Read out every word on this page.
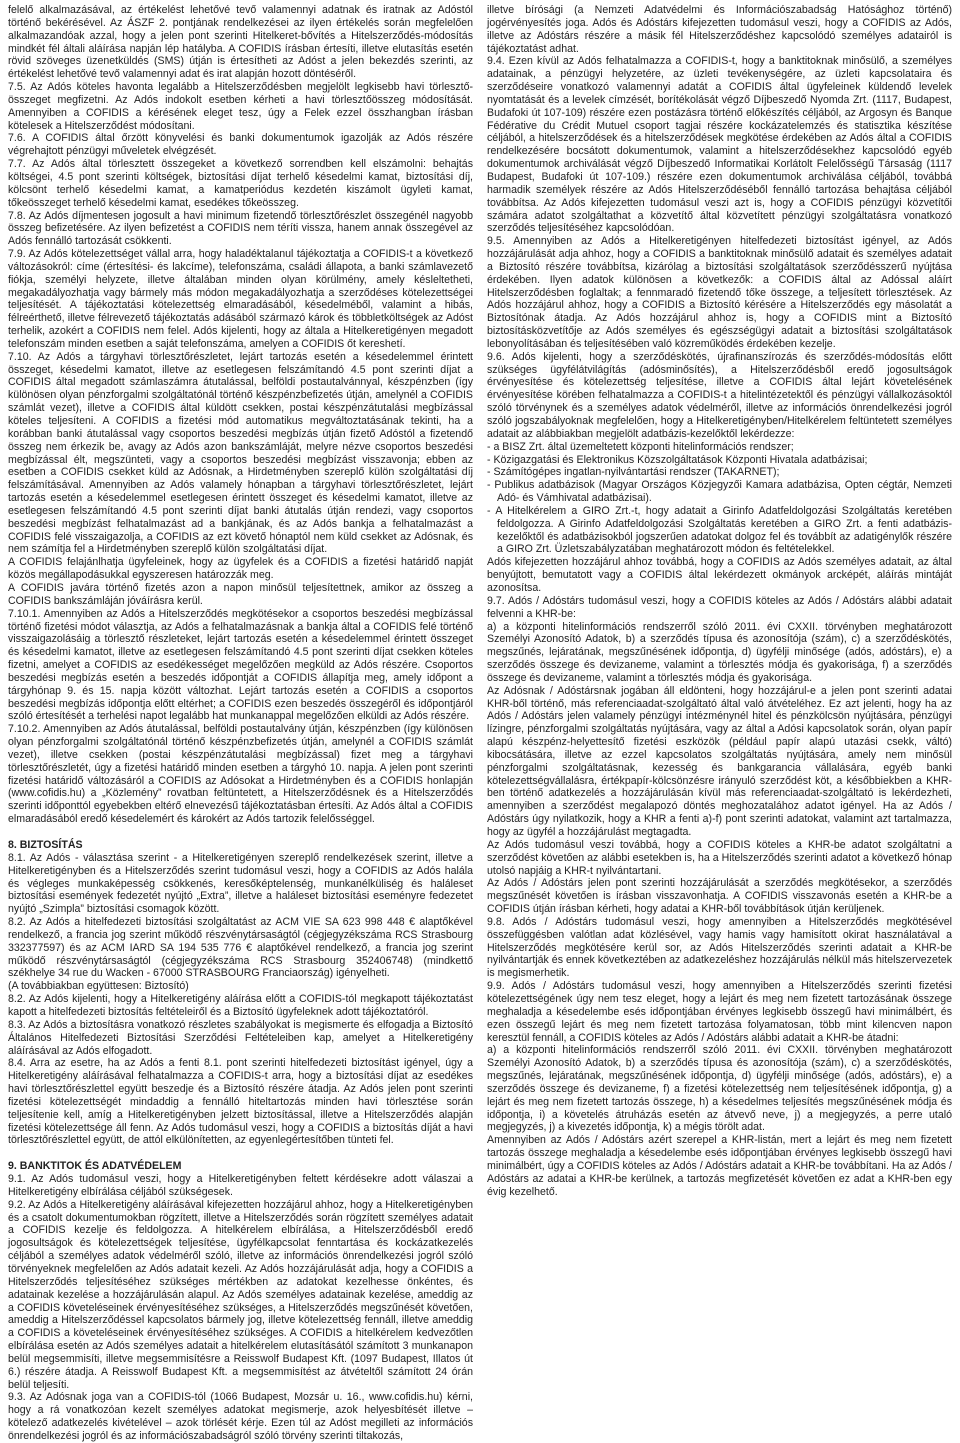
felelő alkalmazásával, az értékelést lehetővé tevő valamennyi adatnak és iratnak az Adóstól történő bekérésével. Az ÁSZF 2. pontjának rendelkezései az ilyen értékelés során megfelelően alkalmazandóak azzal, hogy a jelen pont szerinti Hitelkeret-bővítés a Hitelszerződés-módosítás mindkét fél általi aláírása napján lép hatályba. A COFIDIS írásban értesíti, illetve elutasítás esetén rövid szöveges üzenetküldés (SMS) útján is értesítheti az Adóst a jelen bekezdés szerinti, az értékelést lehetővé tevő valamennyi adat és irat alapján hozott döntéséről.

7.5. Az Adós köteles havonta legalább a Hitelszerződésben megjelölt legkisebb havi törlesztő-összeget megfizetni. Az Adós indokolt esetben kérheti a havi törlesztőösszeg módosítását. Amennyiben a COFIDIS a kérésének eleget tesz, úgy a Felek ezzel összhangban írásban kötelesek a Hitelszerződést módosítani.

7.6. A COFIDIS által őrzött könyvelési és banki dokumentumok igazolják az Adós részére végrehajtott pénzügyi műveletek elvégzését.

7.7. Az Adós által törlesztett összegeket a következő sorrendben kell elszámolni: behajtás költségei, 4.5 pont szerinti költségek, biztosítási díjat terhelő késedelmi kamat, biztosítási díj, kölcsönt terhelő késedelmi kamat, a kamatperiódus kezdetén kiszámolt ügyleti kamat, tőkeösszeget terhelő késedelmi kamat, esedékes tőkeösszeg.

7.8. Az Adós díjmentesen jogosult a havi minimum fizetendő törlesztőrészlet összegénél nagyobb összeg befizetésére. Az ilyen befizetést a COFIDIS nem téríti vissza, hanem annak összegével az Adós fennálló tartozását csökkenti.

7.9. Az Adós kötelezettséget vállal arra, hogy haladéktalanul tájékoztatja a COFIDIS-t a következő változásokról: címe (értesítési- és lakcíme), telefonszáma, családi állapota, a banki számlavezető fiókja, személyi helyzete, illetve általában minden olyan körülmény, amely késleltetheti, megakadályozhatja vagy bármely más módon megakadályozhatja a szerződéses kötelezettségei teljesítését. A tájékoztatási kötelezettség elmaradásából, késedelméből, valamint a hibás, félreérthető, illetve félrevezető tájékoztatás adásából származó károk és többletköltségek az Adóst terhelik, azokért a COFIDIS nem felel. Adós kijelenti, hogy az általa a Hitelkeretigényen megadott telefonszám minden esetben a saját telefonszáma, amelyen a COFIDIS őt kereshetí.

7.10. Az Adós a tárgyhavi törlesztőrészletet, lejárt tartozás esetén a késedelemmel érintett összeget, késedelmi kamatot, illetve az esetlegesen felszámítandó 4.5 pont szerinti díjat a COFIDIS által megadott számlaszámra átutalással, belföldi postautalvánnyal, készpénzben (így különösen olyan pénzforgalmi szolgáltatónál történő készpénzbefizetés útján, amelynél a COFIDIS számlát vezet), illetve a COFIDIS által küldött csekken, postai készpénzátutalási megbízással köteles teljesíteni. A COFIDIS a fizetési mód automatikus megváltoztatásának tekinti, ha a korábban banki átutalással vagy csoportos beszedési megbízás útján fizető Adóstól a fizetendő összeg nem érkezik be, avagy az Adós azon bankszámláját, melyre nézve csoportos beszedési megbízással élt, megszünteti, vagy a csoportos beszedési megbízást visszavonja; ebben az esetben a COFIDIS csekket küld az Adósnak, a Hirdetményben szereplő külön szolgáltatási díj felszámításával. Amennyiben az Adós valamely hónapban a tárgyhavi törlesztőrészletet, lejárt tartozás esetén a késedelemmel esetlegesen érintett összeget és késedelmi kamatot, illetve az esetlegesen felszámítandó 4.5 pont szerinti díjat banki átutalás útján rendezi, vagy csoportos beszedési megbízást felhatalmazást ad a bankjának, és az Adós bankja a felhatalmazást a COFIDIS felé visszaigazolja, a COFIDIS az ezt követő hónaptól nem küld csekket az Adósnak, és nem számítja fel a Hirdetményben szereplő külön szolgáltatási díjat.

A COFIDIS felajánlhatja ügyfeleinek, hogy az ügyfelek és a COFIDIS a fizetési határidő napját közös megállapodásukkal egyszeresen határozzák meg.

A COFIDIS javára történő fizetés azon a napon minősül teljesítettnek, amikor az összeg a COFIDIS bankszámláján jóváírásra kerül.

7.10.1. Amennyiben az Adós a Hitelszerződés megkötésekor a csoportos beszedési megbízással történő fizetési módot választja, az Adós a felhatalmazásnak a bankja által a COFIDIS felé történő visszaigazolásáig a törlesztő részleteket, lejárt tartozás esetén a késedelemmel érintett összeget és késedelmi kamatot, illetve az esetlegesen felszámítandó 4.5 pont szerinti díjat csekken köteles fizetni, amelyet a COFIDIS az esedékességet megelőzően megküld az Adós részére. Csoportos beszedési megbízás esetén a beszedés időpontját a COFIDIS állapítja meg, amely időpont a tárgyhónap 9. és 15. napja között változhat. Lejárt tartozás esetén a COFIDIS a csoportos beszedési megbízás időpontja előtt eltérhet; a COFIDIS ezen beszedés összegéről és időpontjáról szóló értesítését a terhelési napot legalább hat munkanappal megelőzően elküldi az Adós részére.

7.10.2. Amennyiben az Adós átutalással, belföldi postautalvány útján, készpénzben (így különösen olyan pénzforgalmi szolgáltatónál történő készpénzbefizetés útján, amelynél a COFIDIS számlát vezet), illetve csekken (postai készpénzátutalási megbízással) fizet meg a tárgyhavi törlesztőrészletét, úgy a fizetési határidő minden esetben a tárgyhó 10. napja. A jelen pont szerinti fizetési határidő változásáról a COFIDIS az Adósokat a Hirdetményben és a COFIDIS honlapján (www.cofidis.hu) a „Közlemény” rovatban feltüntetett, a Hitelszerződésnek és a Hitelszerződés szerinti időponttól egyebekben eltérő elnevezésű tájékoztatásban értesíti. Az Adós által a COFIDIS elmaradásából eredő késedelemért és károkért az Adós tartozik felelősséggel.

8. BIZTOSÍTÁS

8.1. Az Adós - választása szerint - a Hitelkeretigényen szereplő rendelkezések szerint, illetve a Hitelkeretigényben és a Hitelszerződés szerint tudomásul veszi, hogy a COFIDIS az Adós halála és végleges munkaképesség csökkenés, keresőképtelenség, munkanélküliség és haláleset biztosítási események fedezetét nyújtó „Extra”, illetve a haláleset biztosítási eseményre fedezetet nyújtó „Szimpla” biztosítási csomagok között.

8.2. Az Adós a hitelfedezeti biztosítási szolgáltatást az ACM VIE SA 623 998 448 € alaptőkével rendelkező, a francia jog szerint működő részvénytársaságtól (cégjegyzékszáma RCS Strasbourg 332377597) és az ACM IARD SA 194 535 776 € alaptőkével rendelkező, a francia jog szerint működő részvénytársaságtól (cégjegyzékszáma RCS Strasbourg 352406748) (mindkettő székhelye 34 rue du Wacken - 67000 STRASBOURG Franciaország) igényelheti.

(A továbbiakban együttesen: Biztosító)

8.2. Az Adós kijelenti, hogy a Hitelkeretigény aláírása előtt a COFIDIS-tól megkapott tájékoztatást kapott a hitelfedezeti biztosítás feltételeiről és a Biztosító ügyfeleknek adott tájékoztatóról.

8.3. Az Adós a biztosításra vonatkozó részletes szabályokat is megismerte és elfogadja a Biztosító Általános Hitelfedezeti Biztosítási Szerződési Feltételeiben kap, amelyet a Hitelkeretigény aláírásával az Adós elfogadott.

8.4. Arra az esetre, ha az Adós a fenti 8.1. pont szerinti hitelfedezeti biztosítást igényel, úgy a Hitelkeretigény aláírásával felhatalmazza a COFIDIS-t arra, hogy a biztosítási díjat az esedékes havi törlesztőrészlettel együtt beszedje és a Biztosító részére átadja. Az Adós jelen pont szerinti fizetési kötelezettségét mindaddig a fennálló hiteltartozás minden havi törlesztése során teljesítenie kell, amíg a Hitelkeretigényben jelzett biztosítással, illetve a Hitelszerződés alapján fizetési kötelezettsége áll fenn. Az Adós tudomásul veszi, hogy a COFIDIS a biztosítás díját a havi törlesztőrészlettel együtt, de attól elkülönítetten, az egyenlegértesítőben tünteti fel.

9. BANKTITOK ÉS ADATVÉDELEM

9.1. Az Adós tudomásul veszi, hogy a Hitelkeretigényben feltett kérdésekre adott válaszai a Hitelkeretigény elbírálása céljából szükségesek.

9.2. Az Adós a Hitelkeretigény aláírásával kifejezetten hozzájárul ahhoz, hogy a Hitelkeretigényben és a csatolt dokumentumokban rögzített, illetve a Hitelszerződés során rögzített személyes adatait a COFIDIS kezelje és feldolgozza. A hitelkérelem elbírálása, a Hitelszerződésből eredő jogosultságok és kötelezettségek teljesítése, ügyfélkapcsolat fenntartása és kockázatkezelés céljából a személyes adatok védelméről szóló, illetve az információs önrendelkezési jogról szóló törvényeknek megfelelően az Adós adatait kezeli. Az Adós hozzájárulását adja, hogy a COFIDIS a Hitelszerződés teljesítéséhez szükséges mértékben az adatokat kezelhesse önkéntes, és adatainak kezelése a hozzájárulásán alapul. Az Adós személyes adatainak kezelése, ameddig az a COFIDIS követeléseinek érvényesítéséhez szükséges, a Hitelszerződés megszűnését követően, ameddig a Hitelszerződéssel kapcsolatos bármely jog, illetve kötelezettség fennáll, illetve ameddig a COFIDIS a követeléseinek érvényesítéséhez szükséges. A COFIDIS a hitelkérelem kedvezőtlen elbírálása esetén az Adós személyes adatait a hitelkérelem elutasításától számított 3 munkanapon belül megsemmisíti, illetve megsemmisítésre a Reisswolf Budapest Kft. (1097 Budapest, Illatos út 6.) részére átadja. A Reisswolf Budapest Kft. a megsemmisítést az átvételtől számított 24 órán belül teljesíti.

9.3. Az Adósnak joga van a COFIDIS-tól (1066 Budapest, Mozsár u. 16., www.cofidis.hu) kérni, hogy a rá vonatkozóan kezelt személyes adatokat megismerje, azok helyesbítését illetve – kötelező adatkezelés kivételével – azok törlését kérje. Ezen túl az Adóst megilleti az információs önrendelkezési jogról és az információszabadságról szóló törvény szerinti tiltakozás,

illetve bírósági (a Nemzeti Adatvédelmi és Információszabadság Hatósághoz történő) jogérvényesítés joga. Adós és Adóstárs kifejezetten tudomásul veszi, hogy a COFIDIS az Adós, illetve az Adóstárs részére a másik fél Hitelszerződéshez kapcsolódó személyes adatairól is tájékoztatást adhat.

9.4. Ezen kívül az Adós felhatalmazza a COFIDIS-t, hogy a banktitoknak minősülő, a személyes adatainak, a pénzügyi helyzetére, az üzleti tevékenységére, az üzleti kapcsolataira és szerződéseire vonatkozó valamennyi adatát a COFIDIS által ügyfeleinek küldendő levelek nyomtatását és a levelek címzését, borítékolását végző Díjbeszedő Nyomda Zrt. (1117, Budapest, Budafoki út 107-109) részére ezen postázásra történő előkészítés céljából, az Argosyn és Banque Fédérative du Crédit Mutuel csoport tagjai részére kockázatelemzés és statisztika készítése céljából, a hitelszerződések és a hitelszerződések megkötése érdekében az Adós által a COFIDIS rendelkezésére bocsátott dokumentumok, valamint a hitelszerződésekhez kapcsolódó egyéb dokumentumok archiválását végző Díjbeszedő Informatikai Korlátolt Felelősségű Társaság (1117 Budapest, Budafoki út 107-109.) részére ezen dokumentumok archiválása céljából, továbbá harmadik személyek részére az Adós Hitelszerződéséből fennálló tartozása behajtása céljából továbbítsa. Az Adós kifejezetten tudomásul veszi azt is, hogy a COFIDIS pénzügyi közvetítői számára adatot szolgáltathat a közvetítő által közvetített pénzügyi szolgáltatásra vonatkozó szerződés teljesítéséhez kapcsolódóan.

9.5. Amennyiben az Adós a Hitelkeretigényen hitelfedezeti biztosítást igényel, az Adós hozzájárulását adja ahhoz, hogy a COFIDIS a banktitoknak minősülő adatait és személyes adatait a Biztosító részére továbbítsa, kizárólag a biztosítási szolgáltatások szerződésszerű nyújtása érdekében. Ilyen adatok különösen a következők: a COFIDIS által az Adóssal aláírt Hitelszerződésben foglaltak; a fennmaradó fizetendő tőke összege, a teljesített törlesztések. Az Adós hozzájárul ahhoz, hogy a COFIDIS a Biztosító kérésére a Hitelszerződés egy másolatát a Biztosítónak átadja. Az Adós hozzájárul ahhoz is, hogy a COFIDIS mint a Biztosító biztosításközvetítője az Adós személyes és egészségügyi adatait a biztosítási szolgáltatások lebonyolításában és teljesítésében való közreműködés érdekében kezelje.

9.6. Adós kijelenti, hogy a szerződéskötés, újrafinanszírozás és szerződés-módosítás előtt szükséges ügyfélátvilágítás (adósminősítés), a Hitelszerződésből eredő jogosultságok érvényesítése és kötelezettség teljesítése, illetve a COFIDIS által lejárt követelésének érvényesítése körében felhatalmazza a COFIDIS-t a hitelintézetektől és pénzügyi vállalkozásoktól szóló törvénynek és a személyes adatok védelméről, illetve az információs önrendelkezési jogról szóló jogszabályoknak megfelelően, hogy a Hitelkeretigényben/Hitelkérelem feltüntetett személyes adatait az alábbiakban megjelölt adatbázis-kezelőktől lekérdezze:

- a BISZ Zrt. által üzemeltetett központi hitelinformációs rendszer;

- Közigazgatási és Elektronikus Közszolgáltatások Központi Hivatala adatbázisai;

- Számítógépes ingatlan-nyilvántartási rendszer (TAKARNET);

- Publikus adatbázisok (Magyar Országos Közjegyzői Kamara adatbázisa, Opten cégtár, Nemzeti Adó- és Vámhivatal adatbázisai).

- A Hitelkérelem a GIRO Zrt.-t, hogy adatait a Girinfo Adatfeldolgozási Szolgáltatás keretében feldolgozza. A Girinfo Adatfeldolgozási Szolgáltatás keretében a GIRO Zrt. a fenti adatbázis-kezelőktől és adatbázisokból jogszerűen adatokat dolgoz fel és továbbít az adatigénylők részére a GIRO Zrt. Üzletszabályzatában meghatározott módon és feltételekkel.

Adós kifejezetten hozzájárul ahhoz továbbá, hogy a COFIDIS az Adós személyes adatait, az által benyújtott, bemutatott vagy a COFIDIS által lekérdezett okmányok arcképét, aláírás mintáját azonosítsa.

9.7. Adós / Adóstárs tudomásul veszi, hogy a COFIDIS köteles az Adós / Adóstárs alábbi adatait felvenni a KHR-be:

a) a központi hitelinformációs rendszerről szóló 2011. évi CXXII. törvényben meghatározott Személyi Azonosító Adatok, b) a szerződés típusa és azonosítója (szám), c) a szerződéskötés, megszűnés, lejáratának, megszűnésének időpontja, d) ügyfélji minősége (adós, adóstárs), e) a szerződés összege és devizaneme, valamint a törlesztés módja és gyakorisága, f) a szerződés összege és devizaneme, valamint a törlesztés módja és gyakorisága.

Az Adósnak / Adóstársnak jogában áll eldönteni, hogy hozzájárul-e a jelen pont szerinti adatai KHR-ből történő, más referenciaadat-szolgáltató által való átvételéhez. Ez azt jelenti, hogy ha az Adós / Adóstárs jelen valamely pénzügyi intézménynél hitel és pénzkölcsön nyújtására, pénzügyi lízingre, pénzforgalmi szolgáltatás nyújtására, vagy az által a Adósi kapcsolatok során, olyan papír alapú készpénz-helyettesítő fizetési eszközök (például papír alapú utazási csekk, váltó) kibocsátására, illetve az ezzel kapcsolatos szolgáltatás nyújtására, amely nem minősül pénzforgalmi szolgáltatásnak, kezesség és bankgarancia vállalására, egyéb banki kötelezettségvállalásra, értékpapír-kölcsönzésre irányuló szerződést köt, a későbbiekben a KHR-ben történő adatkezelés a hozzájárulásán kívül más referenciaadat-szolgáltató is lekérdezheti, amennyiben a szerződést megalapozó döntés meghozatalához adatot igényel. Ha az Adós / Adóstárs úgy nyilatkozik, hogy a KHR a fenti a)-f) pont szerinti adatokat, valamint azt tartalmazza, hogy az ügyfél a hozzájárulást megtagadta.

Az Adós tudomásul veszi továbbá, hogy a COFIDIS köteles a KHR-be adatot szolgáltatni a szerződést követően az alábbi esetekben is, ha a Hitelszerződés szerinti adatot a következő hónap utolsó napjáig a KHR-t nyilvántartani.

Az Adós / Adóstárs jelen pont szerinti hozzájárulását a szerződés megkötésekor, a szerződés megszűnését követően is írásban visszavonhatja. A COFIDIS visszavonás esetén a KHR-be a COFIDIS útján írásban kérheti, hogy adatai a KHR-ből továbbítások útján kerüljenek.

9.8. Adós / Adóstárs tudomásul veszi, hogy amennyiben a Hitelszerződés megkötésével összefüggésben valótlan adat közlésével, vagy hamis vagy hamisított okirat használatával a Hitelszerződés megkötésére kerül sor, az Adós Hitelszerződés szerinti adatait a KHR-be nyilvántartják és ennek következtében az adatkezeléshez hozzájárulás nélkül más hitelszervezetek is megismerhetik.

9.9. Adós / Adóstárs tudomásul veszi, hogy amennyiben a Hitelszerződés szerinti fizetési kötelezettségének úgy nem tesz eleget, hogy a lejárt és meg nem fizetett tartozásának összege meghaladja a késedelembe esés időpontjában érvényes legkisebb összegű havi minimálbért, és ezen összegű lejárt és meg nem fizetett tartozása folyamatosan, több mint kilencven napon keresztül fennáll, a COFIDIS köteles az Adós / Adóstárs alábbi adatait a KHR-be átadni:

a) a központi hitelinformációs rendszerről szóló 2011. évi CXXII. törvényben meghatározott Személyi Azonosító Adatok, b) a szerződés típusa és azonosítója (szám), c) a szerződéskötés, megszűnés, lejáratának, megszűnésének időpontja, d) ügyfélji minősége (adós, adóstárs), e) a szerződés összege és devizaneme, f) a fizetési kötelezettség nem teljesítésének időpontja, g) a lejárt és meg nem fizetett tartozás összege, h) a késedelmes teljesítés megszűnésének módja és időpontja, i) a követelés átruházás esetén az átvevő neve, j) a megjegyzés, a perre utaló megjegyzés, j) a kivezetés időpontja, k) a mégis törölt adat.

Amennyiben az Adós / Adóstárs azért szerepel a KHR-listán, mert a lejárt és meg nem fizetett tartozás összege meghaladja a késedelembe esés időpontjában érvényes legkisebb összegű havi minimálbért, úgy a COFIDIS köteles az Adós / Adóstárs adatait a KHR-be továbbítani. Ha az Adós / Adóstárs az adatai a KHR-be kerülnek, a tartozás megfizetését követően ez adat a KHR-ben egy évig kezelhető.
